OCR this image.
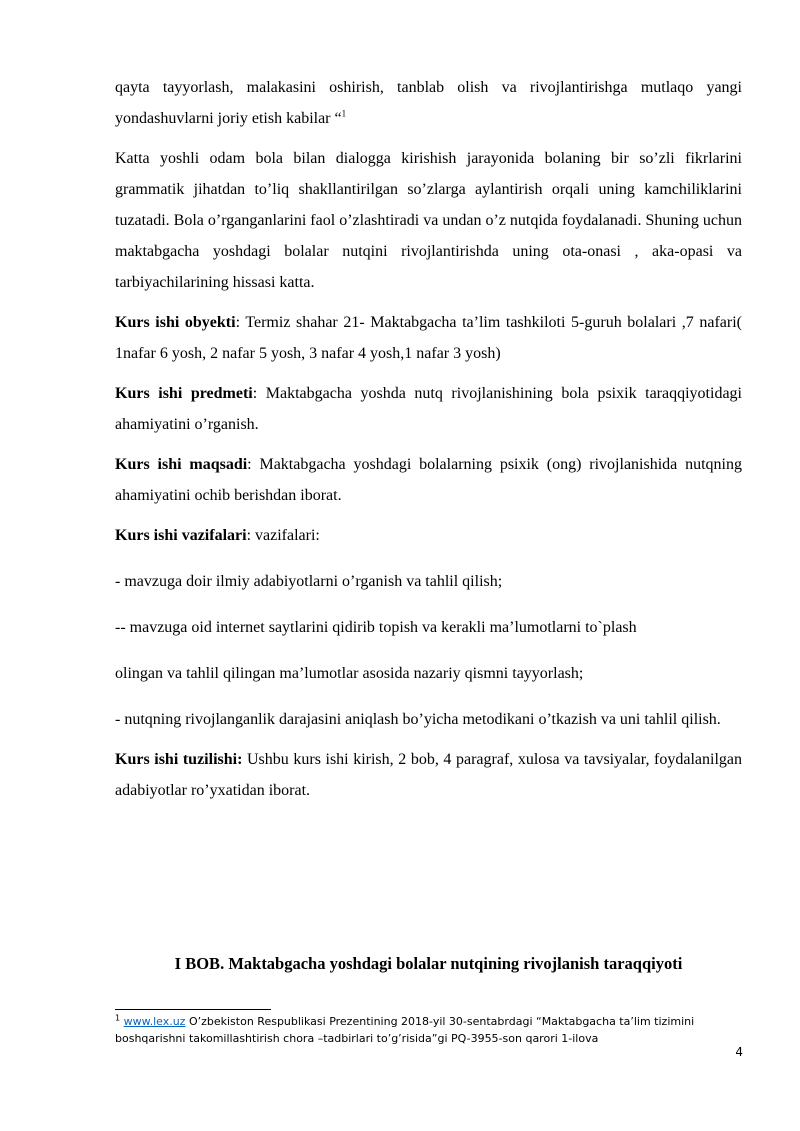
qayta tayyorlash, malakasini oshirish, tanblab olish va rivojlantirishga mutlaqo yangi yondashuvlarni joriy etish kabilar “$^1$

Katta yoshli odam bola bilan dialogga kirishish jarayonida bolaning bir so’zli fikrlarini grammatik jihatdan to’liq shakllantirilgan so’zlarga aylantirish orqali uning kamchiliklarini tuzatadi. Bola o’rganganlarini faol o’zlashtiradi va undan o’z nutqida foydalanadi. Shuning uchun maktabgacha yoshdagi bolalar nutqini rivojlantirishda uning ota-onasi , aka-opasi va tarbiyachilarining hissasi katta.

Kurs ishi obyekti: Termiz shahar 21- Maktabgacha ta’lim tashkiloti 5-guruh bolalari ,7 nafari( 1nafar 6 yosh, 2 nafar 5 yosh, 3 nafar 4 yosh,1 nafar 3 yosh)

Kurs ishi predmeti: Maktabgacha yoshda nutq rivojlanishining bola psixik taraqqiyotidagi ahamiyatini o’rganish.

Kurs ishi maqsadi: Maktabgacha yoshdagi bolalarning psixik (ong) rivojlanishida nutqning ahamiyatini ochib berishdan iborat.

Kurs ishi vazifalari: vazifalari:

- mavzuga doir ilmiy adabiyotlarni o’rganish va tahlil qilish;

-- mavzuga oid internet saytlarini qidirib topish va kerakli ma’lumotlarni to`plash

olingan va tahlil qilingan ma’lumotlar asosida nazariy qismni tayyorlash;

- nutqning rivojlanganlik darajasini aniqlash bo’yicha metodikani o’tkazish va uni tahlil qilish.

Kurs ishi tuzilishi: Ushbu kurs ishi kirish, 2 bob, 4 paragraf, xulosa va tavsiyalar, foydalanilgan adabiyotlar ro’yxatidan iborat.

I BOB. Maktabgacha yoshdagi bolalar nutqining rivojlanish taraqqiyoti
$^1$ www.lex.uz O’zbekiston Respublikasi Prezentining 2018-yil 30-sentabrdagi “Maktabgacha ta’lim tizimini boshqarishni takomillashtirish chora –tadbirlari to’g’risida”gi PQ-3955-son qarori 1-ilova
4
